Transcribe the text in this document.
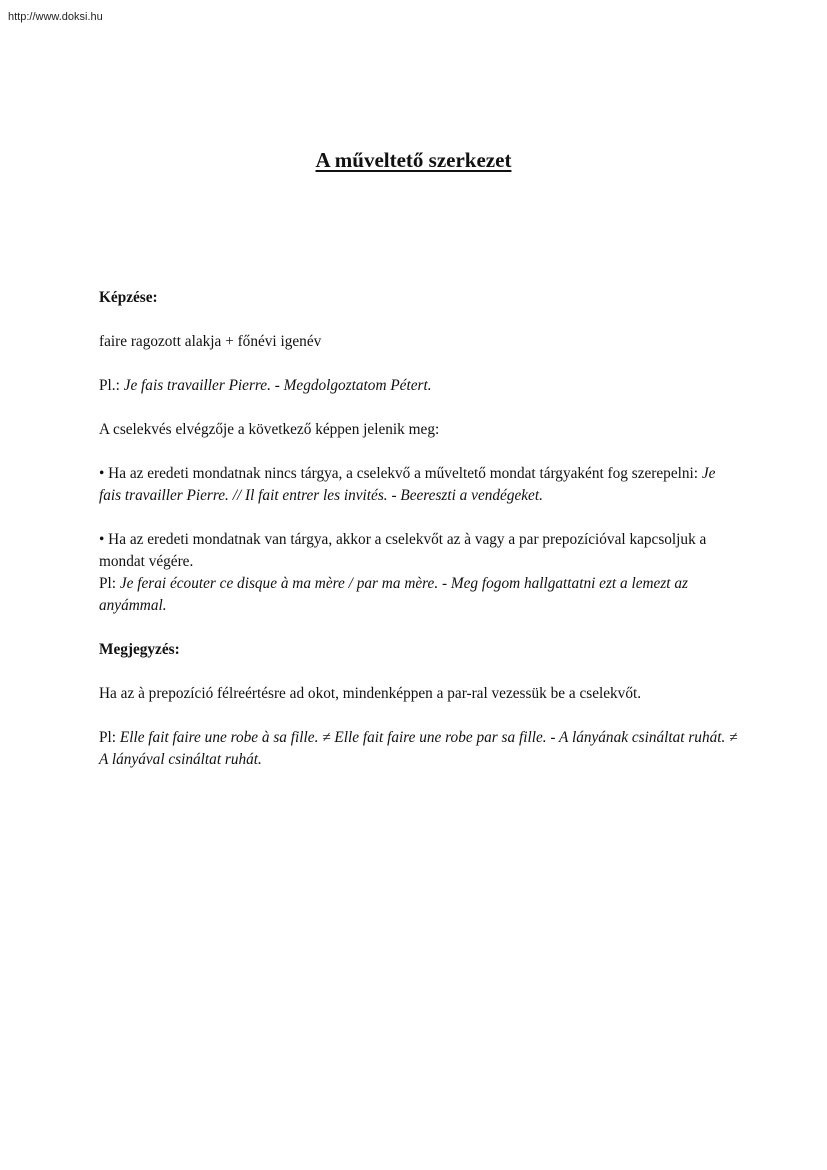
http://www.doksi.hu
A műveltető szerkezet

Képzése:

faire ragozott alakja + főnévi igenév

Pl.: Je fais travailler Pierre. - Megdolgoztatom Pétert.

A cselekvés elvégzője a következő képpen jelenik meg:

• Ha az eredeti mondatnak nincs tárgya, a cselekvő a műveltető mondat tárgyaként fog szerepelni: Je fais travailler Pierre. // Il fait entrer les invités. - Beereszti a vendégeket.

• Ha az eredeti mondatnak van tárgya, akkor a cselekvőt az à vagy a par prepozícióval kapcsoljuk a mondat végére.

Pl: Je ferai écouter ce disque à ma mère / par ma mère. - Meg fogom hallgattatni ezt a lemezt az anyámmal.

Megjegyzés:

Ha az à prepozíció félreértésre ad okot, mindenképpen a par-ral vezessük be a cselekvőt.

Pl: Elle fait faire une robe à sa fille. ≠ Elle fait faire une robe par sa fille. - A lányának csináltat ruhát. ≠ A lányával csináltat ruhát.
